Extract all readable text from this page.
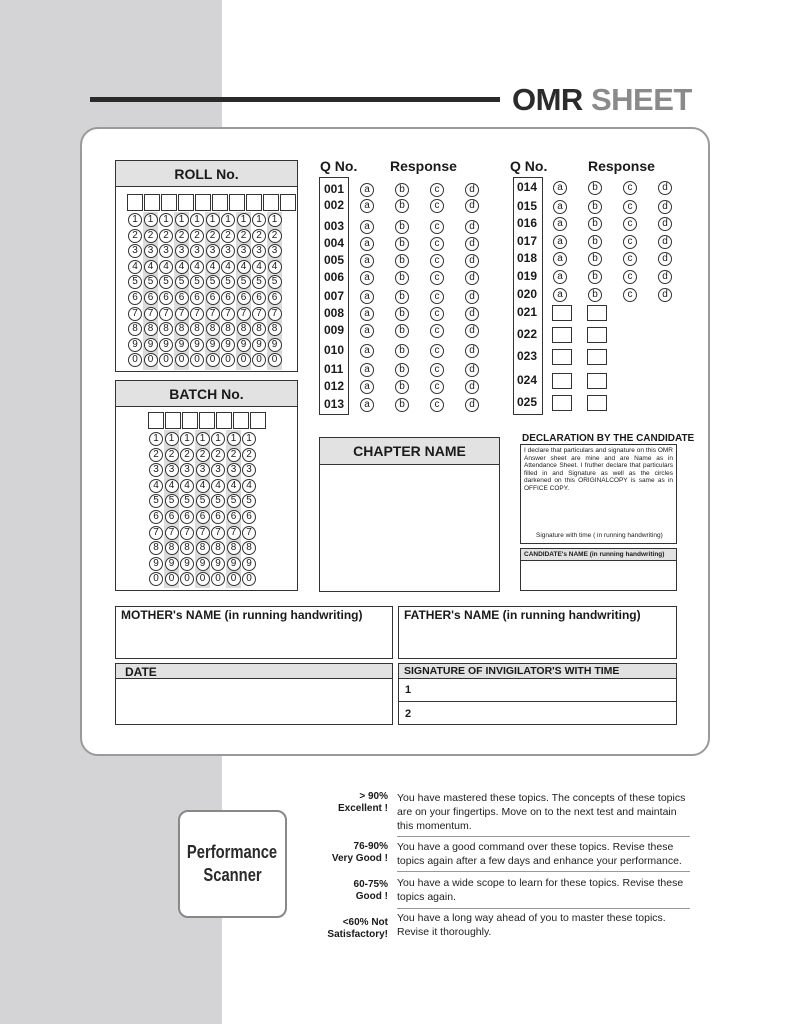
OMR SHEET
ROLL No.
1 1 1 1 1 1 1 1 1 1
2 2 2 2 2 2 2 2 2 2
3 3 3 3 3 3 3 3 3 3
4 4 4 4 4 4 4 4 4 4
5 5 5 5 5 5 5 5 5 5
6 6 6 6 6 6 6 6 6 6
7 7 7 7 7 7 7 7 7 7
8 8 8 8 8 8 8 8 8 8
9 9 9 9 9 9 9 9 9 9
0 0 0 0 0 0 0 0 0 0
BATCH No.
1 1 1 1 1 1 1
2 2 2 2 2 2 2
3 3 3 3 3 3 3
4 4 4 4 4 4 4
5 5 5 5 5 5 5
6 6 6 6 6 6 6
7 7 7 7 7 7 7
8 8 8 8 8 8 8
9 9 9 9 9 9 9
0 0 0 0 0 0 0
Q No. Response	Q No.	Response
001	a	b	c	d
002	a	b	c	d
003	a	b	c	d
004	a	b	c	d
005	a	b	c	d
006	a	b	c	d
007	a	b	c	d
008	a	b	c	d
009	a	b	c	d
010	a	b	c	d
011	a	b	c	d
012	a	b	c	d
013	a	b	c	d
014	a	b	c	d
015	a	b	c	d
016	a	b	c	d
017	a	b	c	d
018	a	b	c	d
019	a	b	c	d
020	a	b	c	d
021
022
023
024
025
CHAPTER NAME
DECLARATION BY THE CANDIDATE
I declare that particulars and signature on this OMR Answer sheet are mine and are Name as in Attendance Sheet. I fruther declare that particulars filled in and Signature as well as the circles darkened on this ORIGINALCOPY is same as in OFFICE COPY.
Signature with time ( in running handwriting)
CANDIDATE's NAME (in running handwriting)
MOTHER's NAME (in running handwriting)	FATHER's NAME (in running handwriting)
DATE	SIGNATURE OF INVIGILATOR'S WITH TIME
1
2
Performance
Scanner
> 90%
Excellent !
You have mastered these topics. The concepts of these topics are on your fingertips. Move on to the next test and maintain this momentum.
76-90%
Very Good !
You have a good command over these topics. Revise these topics again after a few days and enhance your performance.
60-75%
Good !
You have a wide scope to learn for these topics. Revise these topics again.
<60% Not
Satisfactory!
You have a long way ahead of you to master these topics. Revise it thoroughly.
